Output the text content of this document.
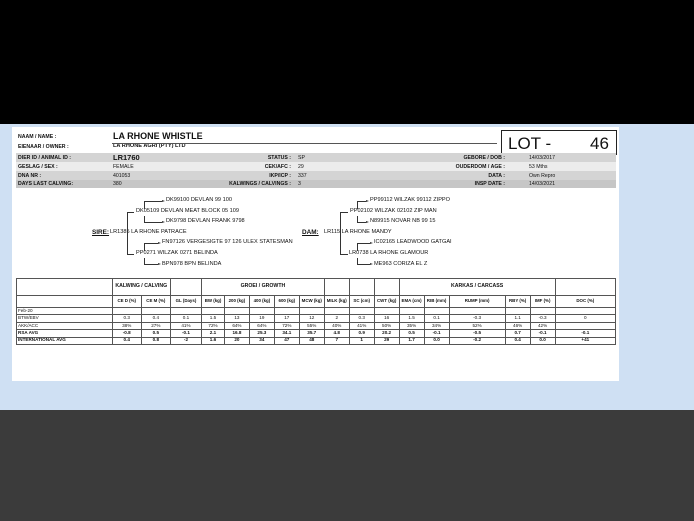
NAAM / NAME :	LA RHONE WHISTLE
EIENAAR / OWNER :	LA RHONE AGRI (PTY) LTD	LOT - 46
DIER ID / ANIMAL ID :	LR1760
GESLAG / SEX :	FEMALE
DNA NR :	401053
DAYS LAST CALVING:	380
STATUS : SP
CEK/AFC : 29
IKP/ICP : 337
KALWINGS / CALVINGS : 3
GEBORE / DOB :	14/03/2017
OUDERDOM / AGE :	53 Mths
DATA :	Own Repro
INSP DATE :	14/03/2021
DK99100 DEVLAN 99 100
DK05109 DEVLAN MEAT BLOCK 05 109
DK9798 DEVLAN FRANK 9798
SIRE: LR1385 LA RHONE PATRACE
FN97126 VERGESIGTE 97 126 ULEX STATESMAN
PP0271 WILZAK 0271 BELINDA
BPN978 BPN BELINDA
PP99112 WILZAK 99112 ZIPPO
PP02102 WILZAK 02102 ZIP MAN
N89915 NOVAR NB 99 15
DAM: LR115 LA RHONE MANDY
IC02165 LEADWOOD GATGAI
LR0738 LA RHONE GLAMOUR
ME963 CORIZA EL Z
	KALWING / CALVING			GROEI / GROWTH								KARKAS / CARCASS					
	CE D (%)	CE M (%)	GL (Days)	BW (kg)	200 (kg)	400 (kg)	600 (kg)	MCW (kg)	MILK (kg)	SC (cm)	CWT (kg)	EMA (cm)	RIB (mm)	RUMP (mm)	RBY (%)	IMF (%)	DOC (%)
Feb-20																	
BTW/EBV	0.3	0.4	0.1	1.5	13	19	17	12	2	0.3	16	1.5	0.1	-0.3	1.1	-0.3	0
AKK/ACC	38%	27%	41%	72%	64%	64%	72%	55%	40%	41%	50%	35%	34%	52%	46%	42%	
RSA AVG	-0.8	0.5	-0.1	2.1	16.8	25.3	34.1	35.7	4.8	0.9	20.2	0.5	-0.1	-0.5	0.7	-0.1	-0.1
INTERNATIONAL AVG	0.4	0.8	-2	1.6	20	34	47	48	7	1	29	1.7	0.0	-0.2	0.4	0.0	+41
